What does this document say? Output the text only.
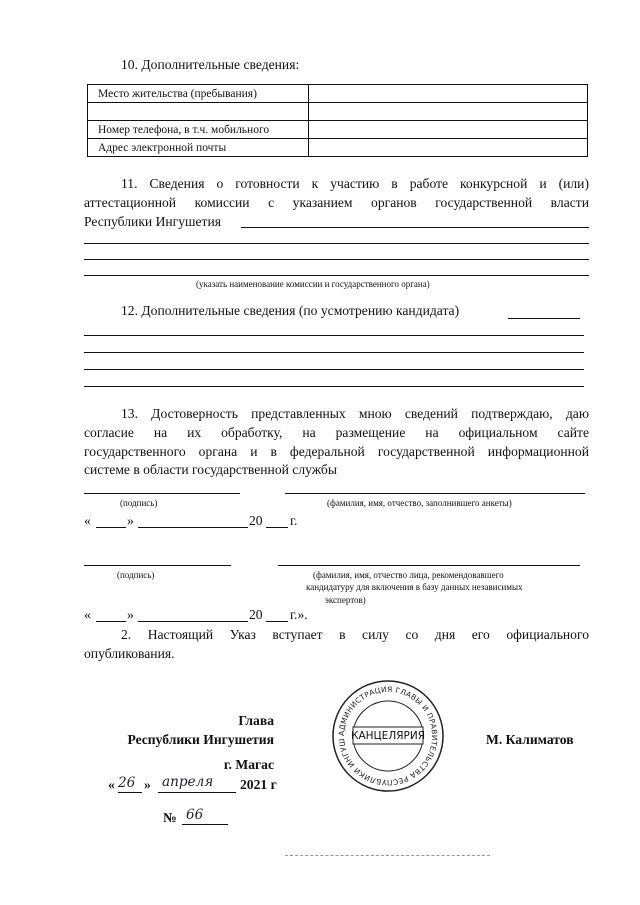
10. Дополнительные сведения:
Место жительства (пребывания)	

Номер телефона, в т.ч. мобильного	
Адрес электронной почты	
11. Сведения о готовности к участию в работе конкурсной и (или)
аттестационной комиссии с указанием органов государственной власти
Республики Ингушетия
(указать наименование комиссии и государственного органа)
12. Дополнительные сведения (по усмотрению кандидата)
13. Достоверность представленных мною сведений подтверждаю, даю
согласие на их обработку, на размещение на официальном сайте
государственного органа и в федеральной государственной информационной
системе в области государственной службы
(подпись)	(фамилия, имя, отчество, заполнившего анкеты)
«	»	20 г.
(подпись)	(фамилия, имя, отчество лица, рекомендовавшего
кандидатуру для включения в базу данных независимых
экспертов)
«	»	20 г.».
2. Настоящий Указ вступает в силу со дня его официального
опубликования.
Глава
Республики Ингушетия	М. Калиматов
г. Магас
« 26 » апреля 2021 г
№ 66
АДМИНИСТРАЦИЯ ГЛАВЫ И ПРАВИТЕЛЬСТВА РЕСПУБЛИКИ ИНГУШ
КАНЦЕЛЯРИЯ
